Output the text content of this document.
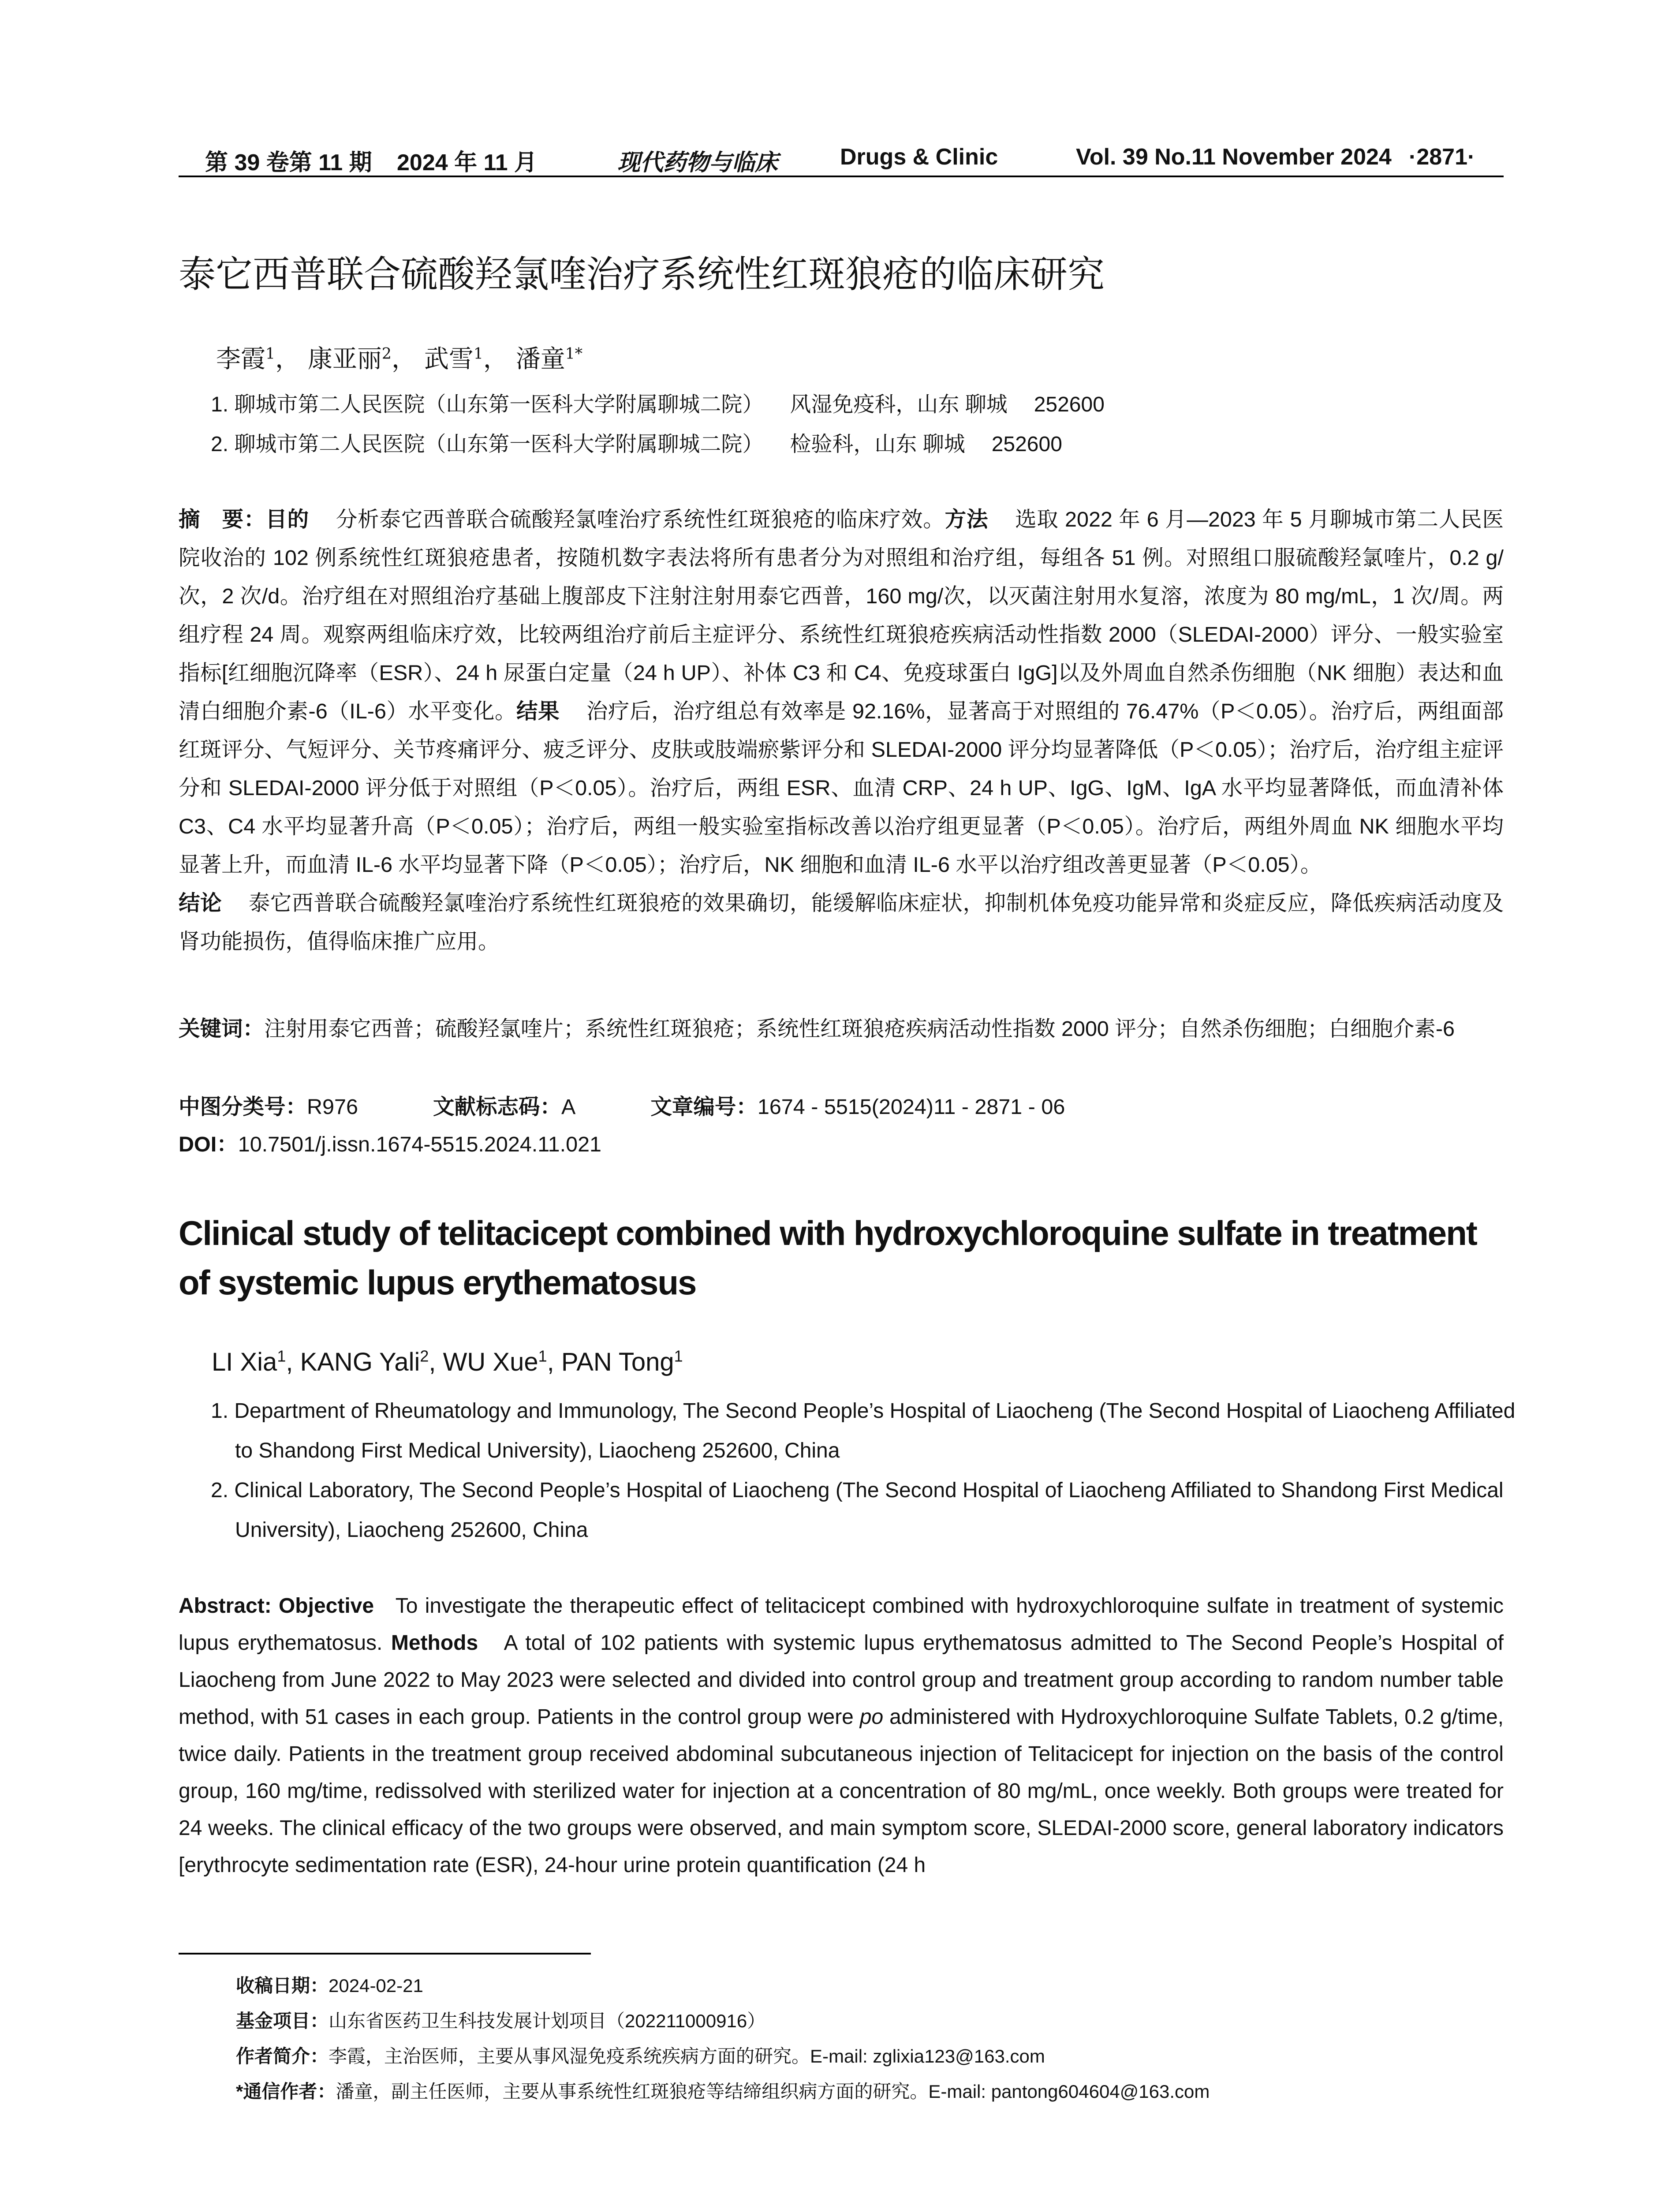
第 39 卷第 11 期 2024 年 11 月	现代药物与临床	Drugs & Clinic	Vol. 39 No.11 November 2024 ·2871·
泰它西普联合硫酸羟氯喹治疗系统性红斑狼疮的临床研究
李霞$^1$， 康亚丽$^2$， 武雪$^1$， 潘童$^{1*}$
1. 聊城市第二人民医院（山东第一医科大学附属聊城二院） 风湿免疫科，山东 聊城 252600
2. 聊城市第二人民医院（山东第一医科大学附属聊城二院） 检验科，山东 聊城 252600
摘　要：目的 分析泰它西普联合硫酸羟氯喹治疗系统性红斑狼疮的临床疗效。方法 选取 2022 年 6 月—2023 年 5 月聊城市第二人民医院收治的 102 例系统性红斑狼疮患者，按随机数字表法将所有患者分为对照组和治疗组，每组各 51 例。对照组口服硫酸羟氯喹片，0.2 g/次，2 次/d。治疗组在对照组治疗基础上腹部皮下注射注射用泰它西普，160 mg/次，以灭菌注射用水复溶，浓度为 80 mg/mL，1 次/周。两组疗程 24 周。观察两组临床疗效，比较两组治疗前后主症评分、系统性红斑狼疮疾病活动性指数 2000（SLEDAI-2000）评分、一般实验室指标[红细胞沉降率（ESR）、24 h 尿蛋白定量（24 h UP）、补体 C3 和 C4、免疫球蛋白 IgG]以及外周血自然杀伤细胞（NK 细胞）表达和血清白细胞介素-6（IL-6）水平变化。结果 治疗后，治疗组总有效率是 92.16%，显著高于对照组的 76.47%（P＜0.05）。治疗后，两组面部红斑评分、气短评分、关节疼痛评分、疲乏评分、皮肤或肢端瘀紫评分和 SLEDAI-2000 评分均显著降低（P＜0.05）；治疗后，治疗组主症评分和 SLEDAI-2000 评分低于对照组（P＜0.05）。治疗后，两组 ESR、血清 CRP、24 h UP、IgG、IgM、IgA 水平均显著降低，而血清补体 C3、C4 水平均显著升高（P＜0.05）；治疗后，两组一般实验室指标改善以治疗组更显著（P＜0.05）。治疗后，两组外周血 NK 细胞水平均显著上升，而血清 IL-6 水平均显著下降（P＜0.05）；治疗后，NK 细胞和血清 IL-6 水平以治疗组改善更显著（P＜0.05）。
结论 泰它西普联合硫酸羟氯喹治疗系统性红斑狼疮的效果确切，能缓解临床症状，抑制机体免疫功能异常和炎症反应，降低疾病活动度及肾功能损伤，值得临床推广应用。
关键词：注射用泰它西普；硫酸羟氯喹片；系统性红斑狼疮；系统性红斑狼疮疾病活动性指数 2000 评分；自然杀伤细胞；白细胞介素-6
中图分类号：R976	文献标志码：A	文章编号：1674 - 5515(2024)11 - 2871 - 06
DOI：10.7501/j.issn.1674-5515.2024.11.021
Clinical study of telitacicept combined with hydroxychloroquine sulfate in treatment of systemic lupus erythematosus
LI Xia$^1$, KANG Yali$^2$, WU Xue$^1$, PAN Tong$^1$
1. Department of Rheumatology and Immunology, The Second People’s Hospital of Liaocheng (The Second Hospital of Liaocheng Affiliated to Shandong First Medical University), Liaocheng 252600, China
2. Clinical Laboratory, The Second People’s Hospital of Liaocheng (The Second Hospital of Liaocheng Affiliated to Shandong First Medical University), Liaocheng 252600, China
Abstract: Objective To investigate the therapeutic effect of telitacicept combined with hydroxychloroquine sulfate in treatment of systemic lupus erythematosus. Methods A total of 102 patients with systemic lupus erythematosus admitted to The Second People’s Hospital of Liaocheng from June 2022 to May 2023 were selected and divided into control group and treatment group according to random number table method, with 51 cases in each group. Patients in the control group were po administered with Hydroxychloroquine Sulfate Tablets, 0.2 g/time, twice daily. Patients in the treatment group received abdominal subcutaneous injection of Telitacicept for injection on the basis of the control group, 160 mg/time, redissolved with sterilized water for injection at a concentration of 80 mg/mL, once weekly. Both groups were treated for 24 weeks. The clinical efficacy of the two groups were observed, and main symptom score, SLEDAI-2000 score, general laboratory indicators [erythrocyte sedimentation rate (ESR), 24-hour urine protein quantification (24 h
收稿日期：2024-02-21
基金项目：山东省医药卫生科技发展计划项目（202211000916）
作者简介：李霞，主治医师，主要从事风湿免疫系统疾病方面的研究。E-mail: zglixia123@163.com
*通信作者：潘童，副主任医师，主要从事系统性红斑狼疮等结缔组织病方面的研究。E-mail: pantong604604@163.com
